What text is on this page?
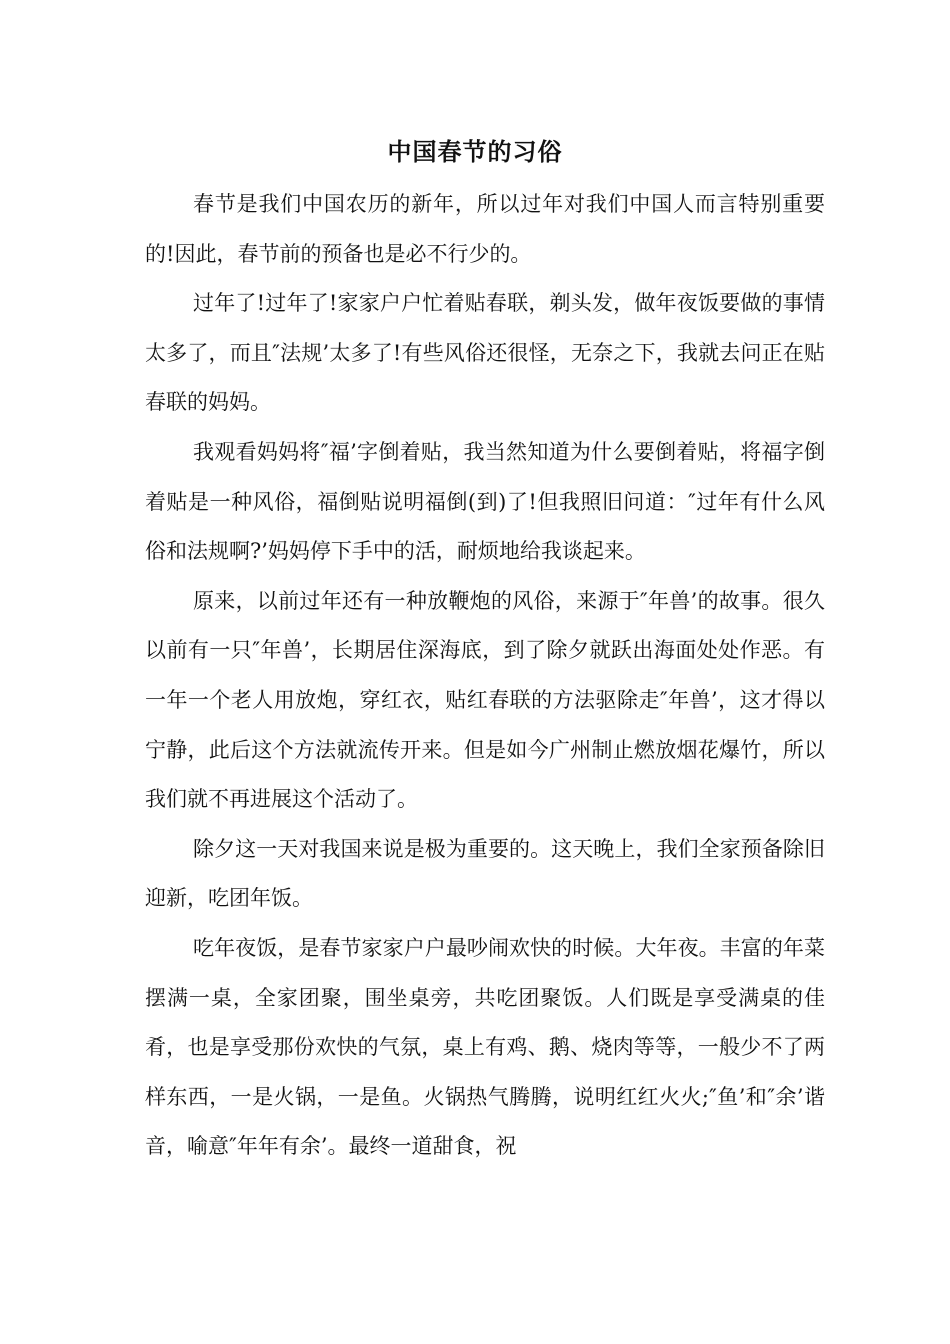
中国春节的习俗

春节是我们中国农历的新年，所以过年对我们中国人而言特别重要的!因此，春节前的预备也是必不行少的。

过年了!过年了!家家户户忙着贴春联，剃头发，做年夜饭要做的事情太多了，而且″法规’太多了!有些风俗还很怪，无奈之下，我就去问正在贴春联的妈妈。

我观看妈妈将″福’字倒着贴，我当然知道为什么要倒着贴，将福字倒着贴是一种风俗，福倒贴说明福倒(到)了!但我照旧问道：″过年有什么风俗和法规啊?’妈妈停下手中的活，耐烦地给我谈起来。

原来，以前过年还有一种放鞭炮的风俗，来源于″年兽’的故事。很久以前有一只″年兽’，长期居住深海底，到了除夕就跃出海面处处作恶。有一年一个老人用放炮，穿红衣，贴红春联的方法驱除走″年兽’，这才得以宁静，此后这个方法就流传开来。但是如今广州制止燃放烟花爆竹，所以我们就不再进展这个活动了。

除夕这一天对我国来说是极为重要的。这天晚上，我们全家预备除旧迎新，吃团年饭。

吃年夜饭，是春节家家户户最吵闹欢快的时候。大年夜。丰富的年菜摆满一桌，全家团聚，围坐桌旁，共吃团聚饭。人们既是享受满桌的佳肴，也是享受那份欢快的气氛，桌上有鸡、鹅、烧肉等等，一般少不了两样东西，一是火锅，一是鱼。火锅热气腾腾，说明红红火火;″鱼’和″余’谐音，喻意″年年有余’。最终一道甜食，祝
